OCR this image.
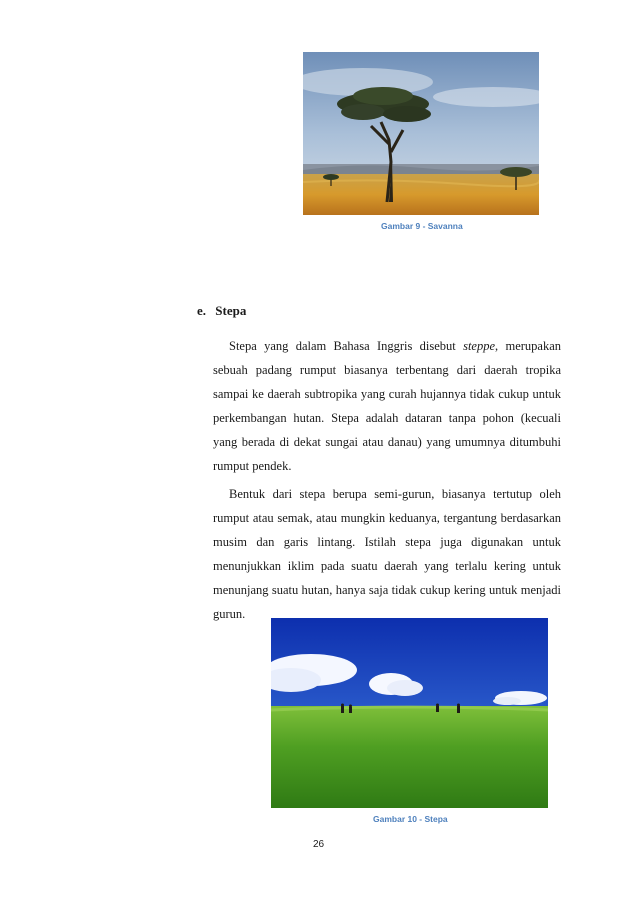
Gambar 9 - Savanna
e. Stepa

Stepa yang dalam Bahasa Inggris disebut steppe, merupakan sebuah padang rumput biasanya terbentang dari daerah tropika sampai ke daerah subtropika yang curah hujannya tidak cukup untuk perkembangan hutan. Stepa adalah dataran tanpa pohon (kecuali yang berada di dekat sungai atau danau) yang umumnya ditumbuhi rumput pendek.

Bentuk dari stepa berupa semi-gurun, biasanya tertutup oleh rumput atau semak, atau mungkin keduanya, tergantung berdasarkan musim dan garis lintang. Istilah stepa juga digunakan untuk menunjukkan iklim pada suatu daerah yang terlalu kering untuk menunjang suatu hutan, hanya saja tidak cukup kering untuk menjadi gurun.

Gambar 10 - Stepa
26
